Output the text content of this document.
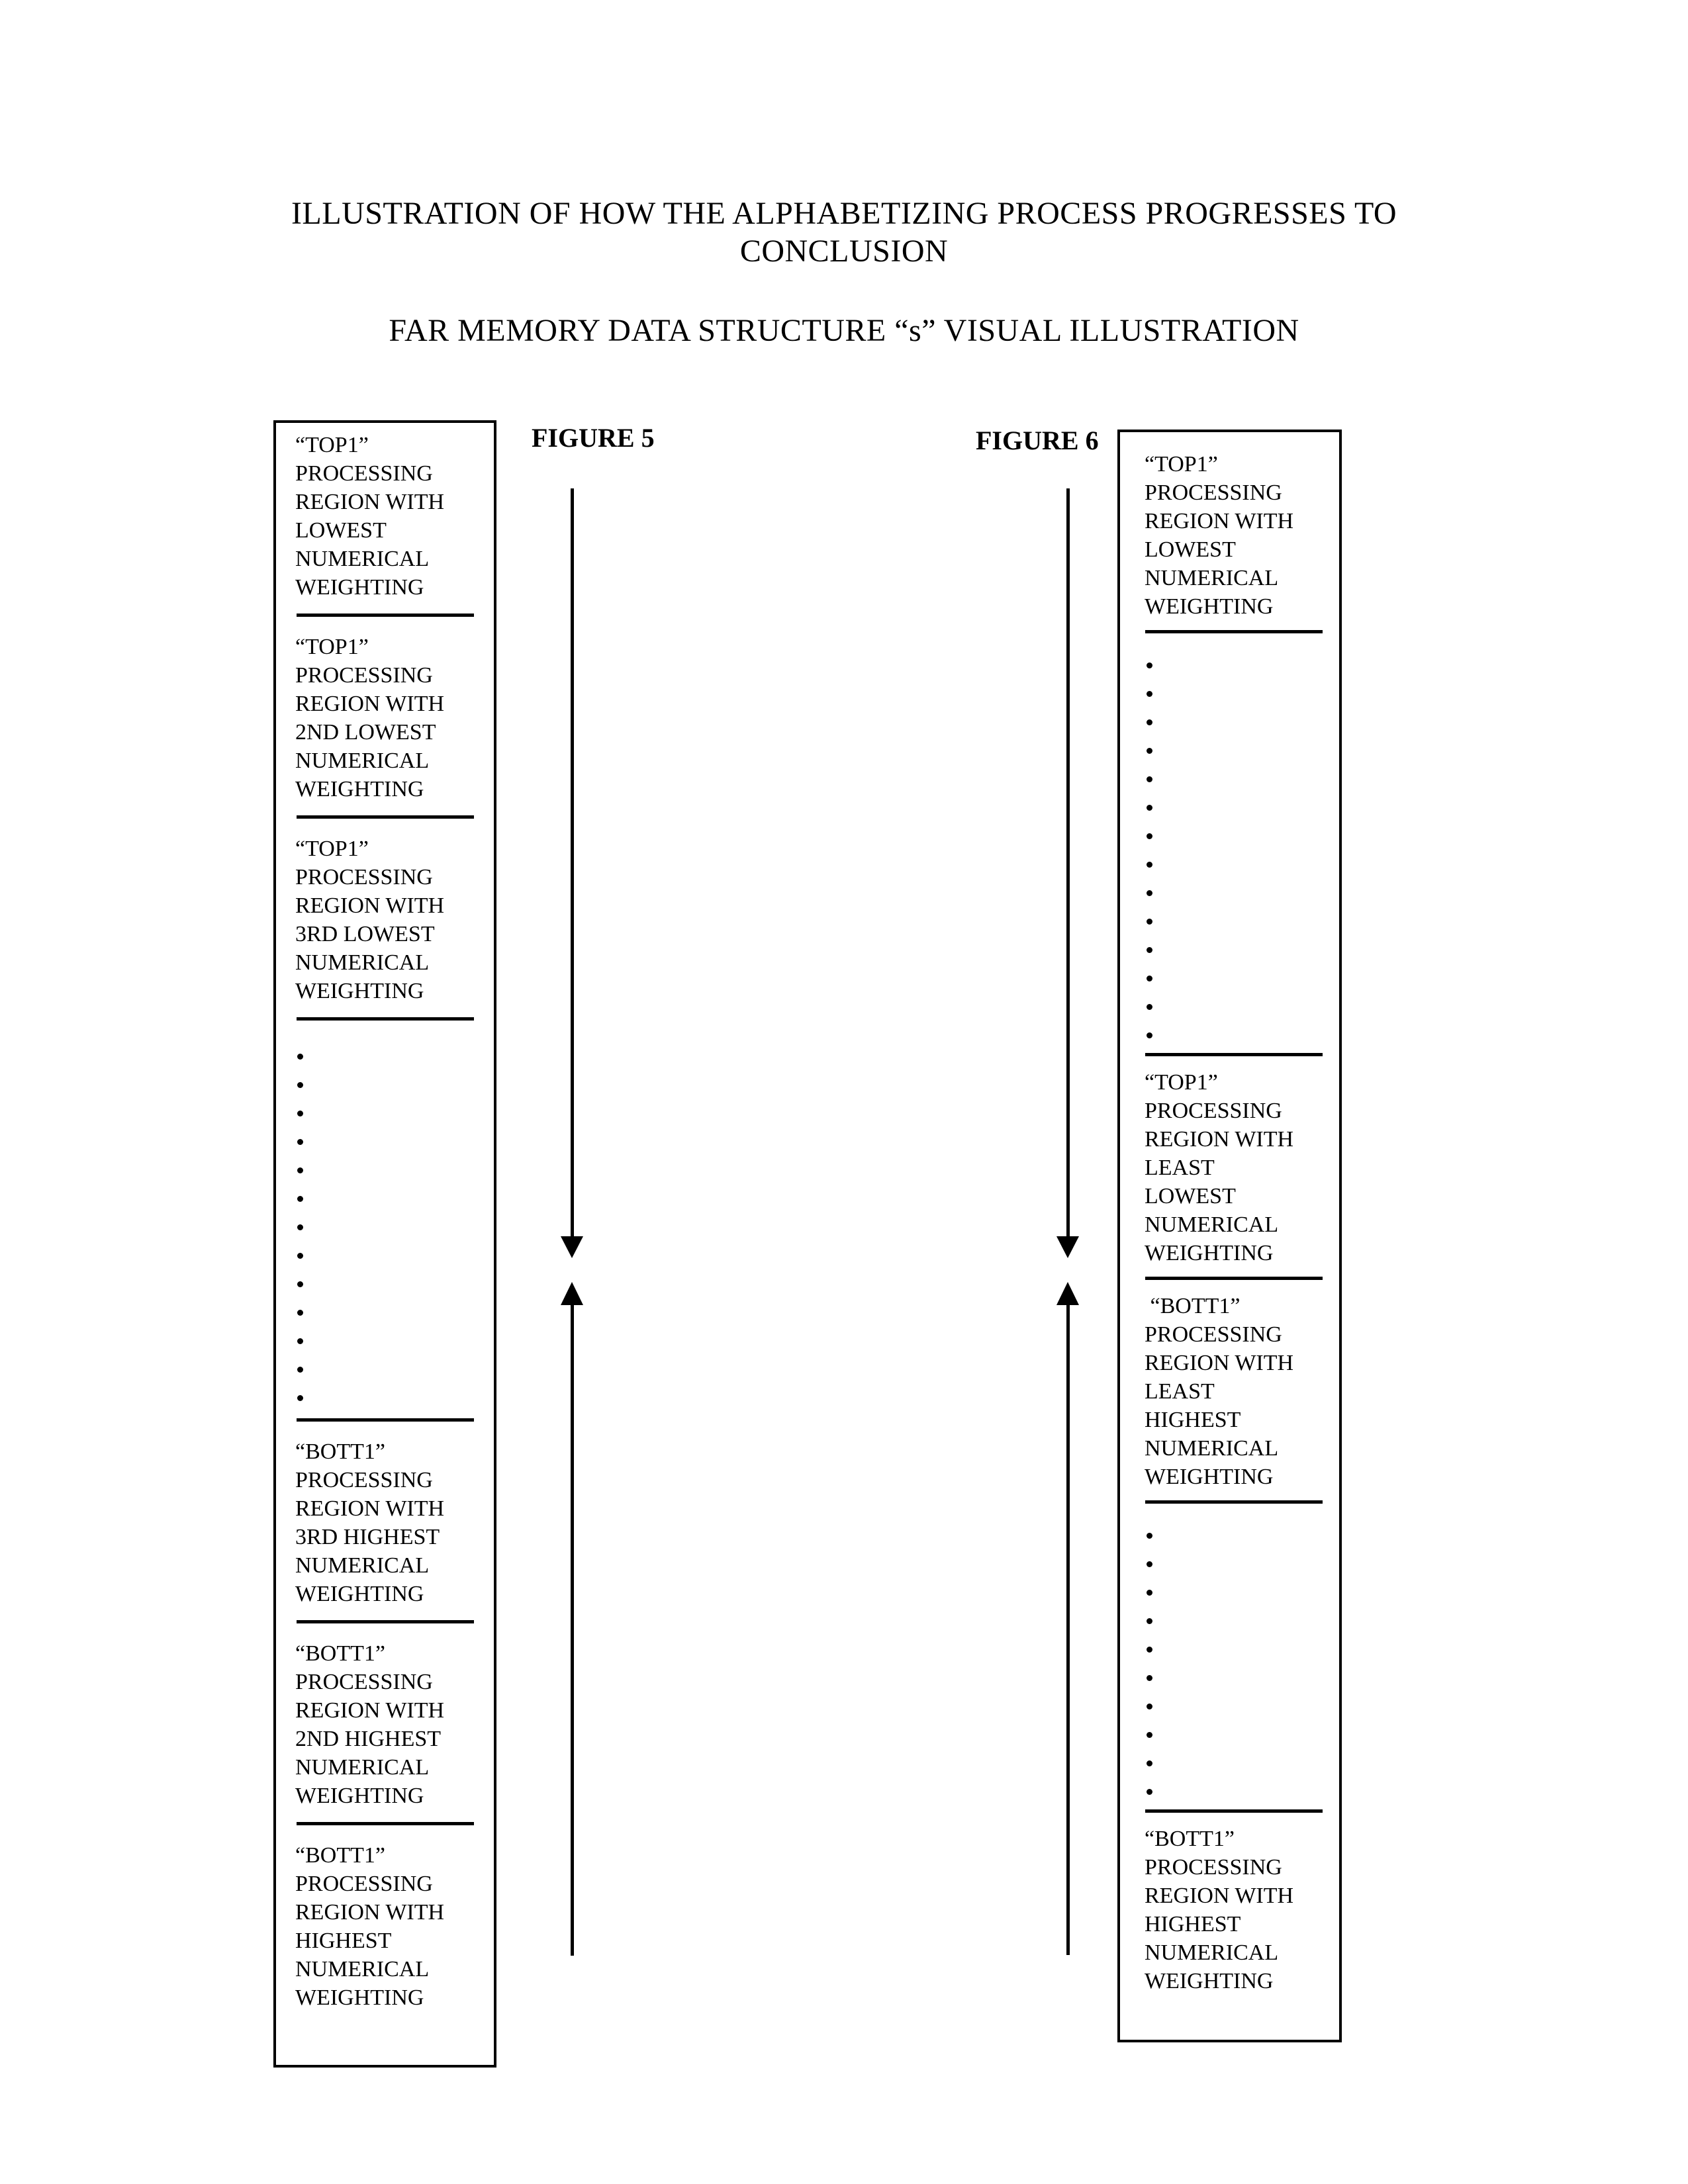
ILLUSTRATION OF HOW THE ALPHABETIZING PROCESS PROGRESSES TO
CONCLUSION
FAR MEMORY DATA STRUCTURE “s” VISUAL ILLUSTRATION
FIGURE 5	FIGURE 6
“TOP1”
PROCESSING
REGION WITH
LOWEST
NUMERICAL
WEIGHTING
“TOP1”
PROCESSING
REGION WITH
2ND LOWEST
NUMERICAL
WEIGHTING
“TOP1”
PROCESSING
REGION WITH
3RD LOWEST
NUMERICAL
WEIGHTING
“BOTT1”
PROCESSING
REGION WITH
3RD HIGHEST
NUMERICAL
WEIGHTING
“BOTT1”
PROCESSING
REGION WITH
2ND HIGHEST
NUMERICAL
WEIGHTING
“BOTT1”
PROCESSING
REGION WITH
HIGHEST
NUMERICAL
WEIGHTING
“TOP1”
PROCESSING
REGION WITH
LOWEST
NUMERICAL
WEIGHTING
“TOP1”
PROCESSING
REGION WITH
LEAST
LOWEST
NUMERICAL
WEIGHTING
“BOTT1”
PROCESSING
REGION WITH
LEAST
HIGHEST
NUMERICAL
WEIGHTING
“BOTT1”
PROCESSING
REGION WITH
HIGHEST
NUMERICAL
WEIGHTING
